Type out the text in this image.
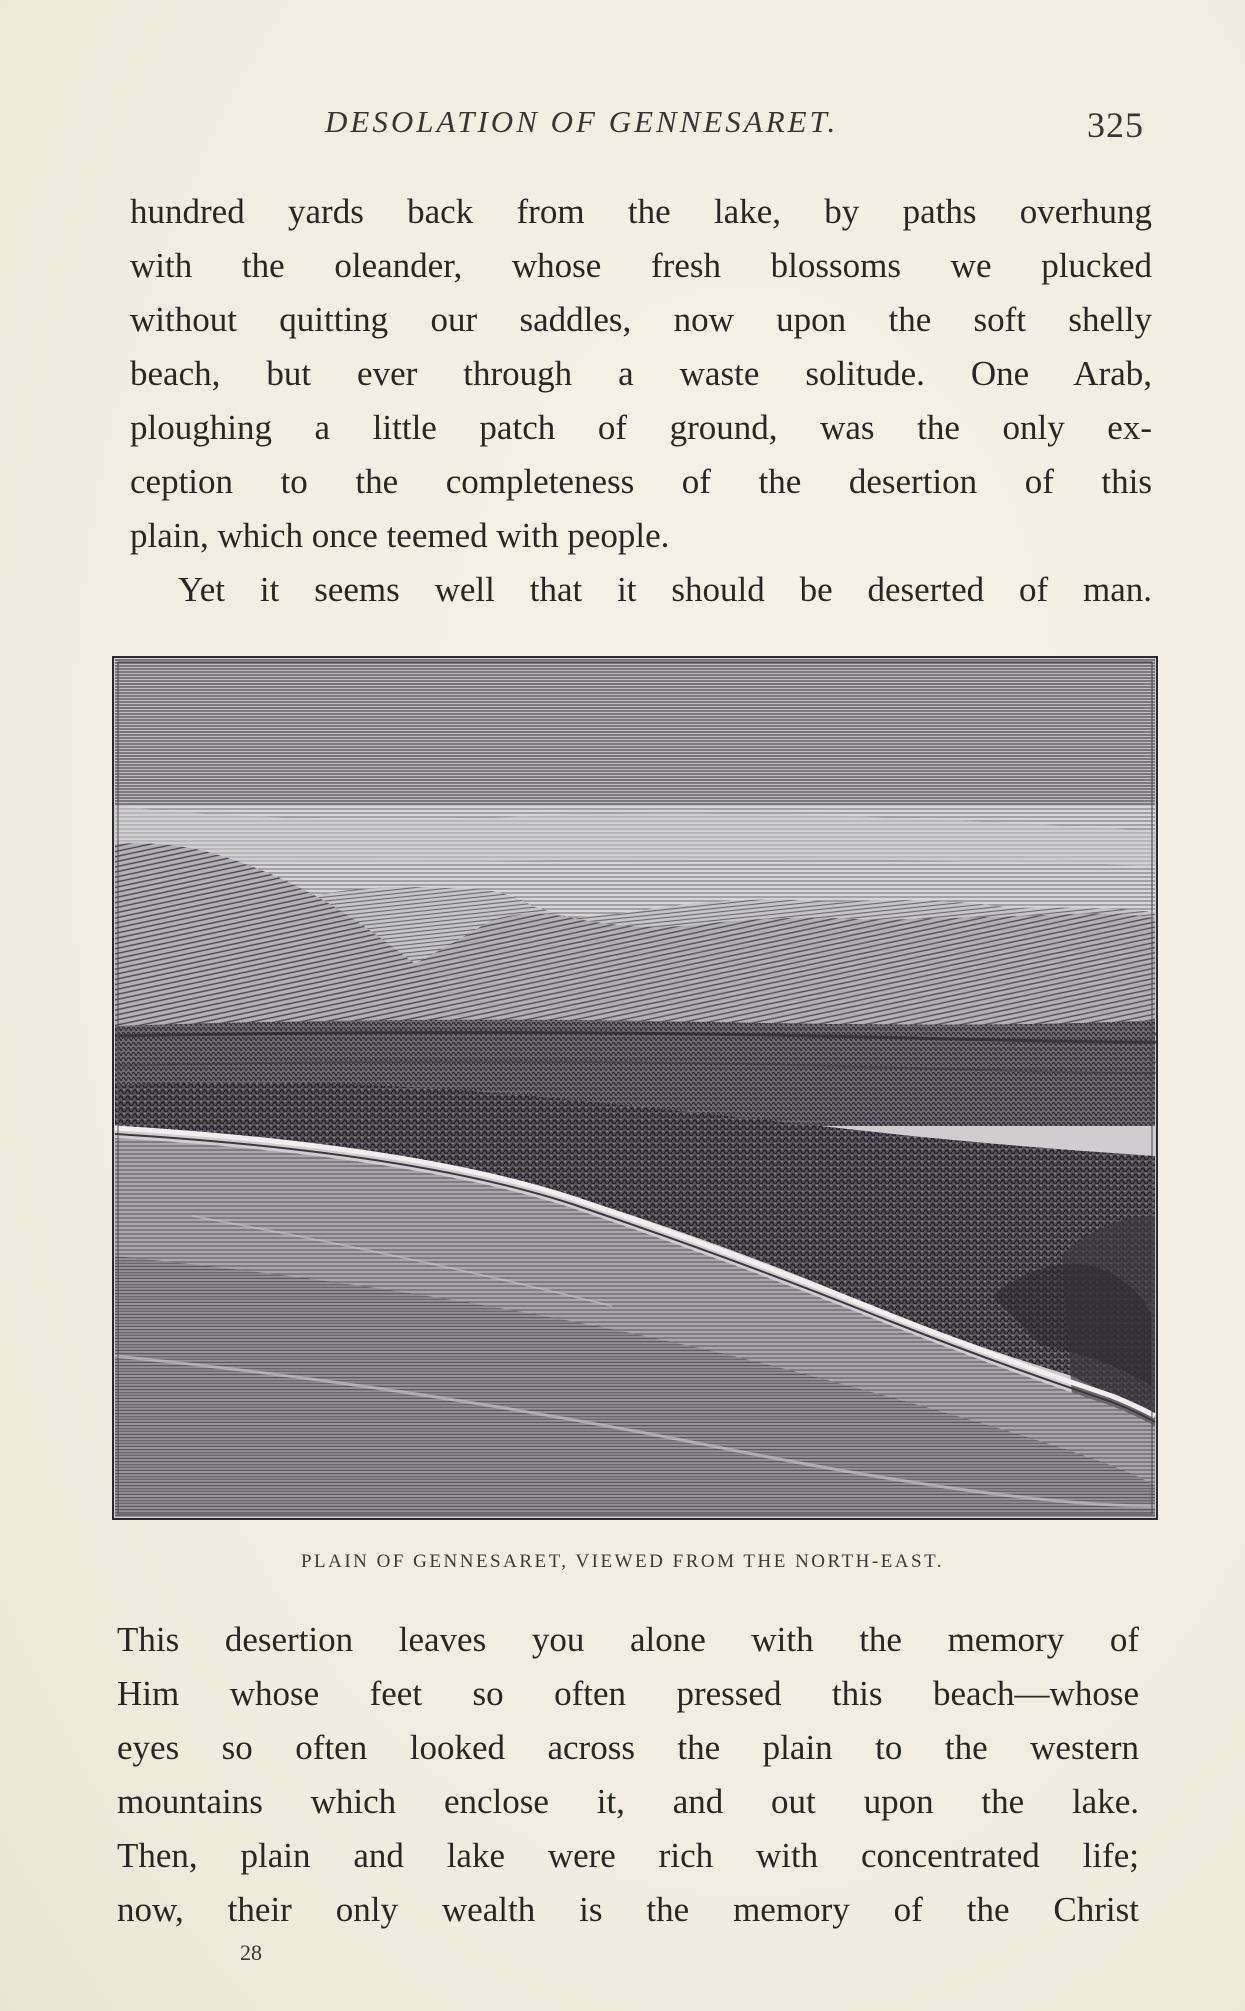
DESOLATION OF GENNESARET.	325
hundred yards back from the lake, by paths overhung
with the oleander, whose fresh blossoms we plucked
without quitting our saddles, now upon the soft shelly
beach, but ever through a waste solitude. One Arab,
ploughing a little patch of ground, was the only ex-
ception to the completeness of the desertion of this
plain, which once teemed with people.
Yet it seems well that it should be deserted of man.
PLAIN OF GENNESARET, VIEWED FROM THE NORTH-EAST.
This desertion leaves you alone with the memory of
Him whose feet so often pressed this beach—whose
eyes so often looked across the plain to the western
mountains which enclose it, and out upon the lake.
Then, plain and lake were rich with concentrated life;
now, their only wealth is the memory of the Christ
28
